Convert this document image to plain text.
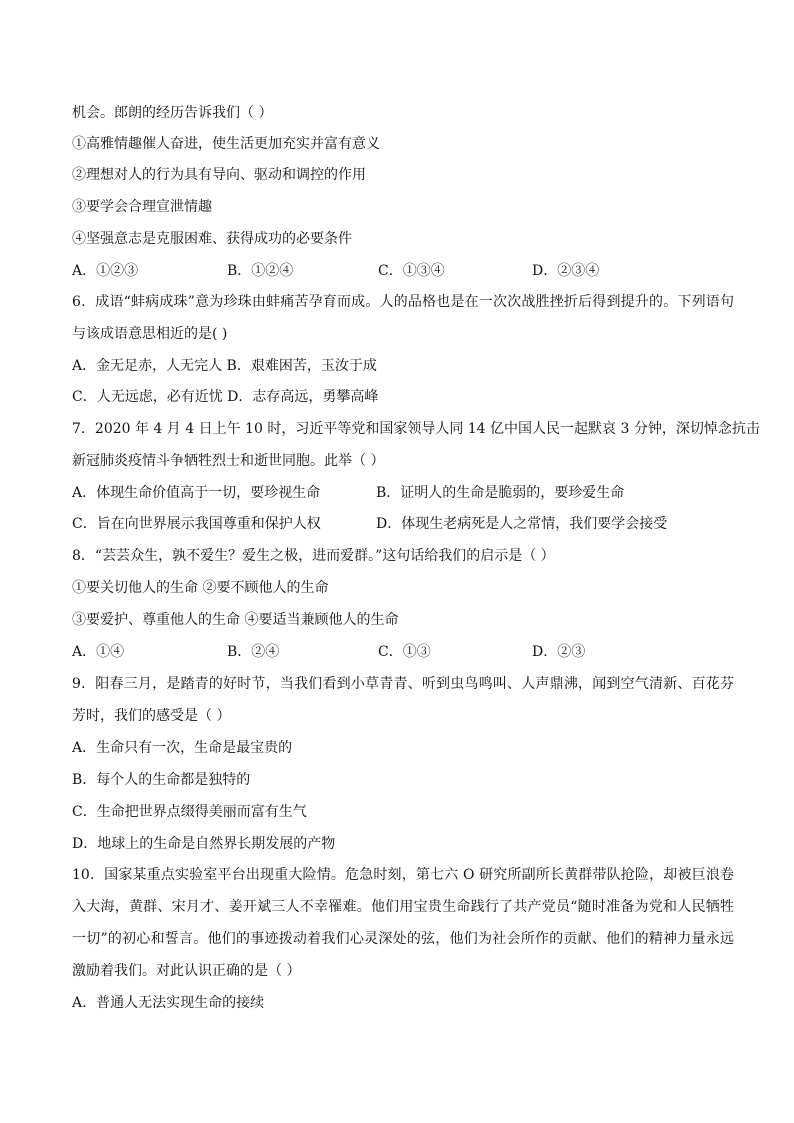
机会。郎朗的经历告诉我们（ ）
①高雅情趣催人奋进，使生活更加充实并富有意义
②理想对人的行为具有导向、驱动和调控的作用
③要学会合理宣泄情趣
④坚强意志是克服困难、获得成功的必要条件
A．①②③	B．①②④	C．①③④	D．②③④
6．成语“蚌病成珠”意为珍珠由蚌痛苦孕育而成。人的品格也是在一次次战胜挫折后得到提升的。下列语句
与该成语意思相近的是( )
A．金无足赤，人无完人 B．艰难困苦，玉汝于成
C．人无远虑，必有近忧 D．志存高远，勇攀高峰
7．2020 年 4 月 4 日上午 10 时，习近平等党和国家领导人同 14 亿中国人民一起默哀 3 分钟，深切悼念抗击
新冠肺炎疫情斗争牺牲烈士和逝世同胞。此举（ ）
A．体现生命价值高于一切，要珍视生命	B．证明人的生命是脆弱的，要珍爱生命
C．旨在向世界展示我国尊重和保护人权	D．体现生老病死是人之常情，我们要学会接受
8．“芸芸众生，孰不爱生？爱生之极，进而爱群。”这句话给我们的启示是（ ）
①要关切他人的生命 ②要不顾他人的生命
③要爱护、尊重他人的生命 ④要适当兼顾他人的生命
A．①④	B．②④	C．①③	D．②③
9．阳春三月，是踏青的好时节，当我们看到小草青青、听到虫鸟鸣叫、人声鼎沸，闻到空气清新、百花芬
芳时，我们的感受是（ ）
A．生命只有一次，生命是最宝贵的
B．每个人的生命都是独特的
C．生命把世界点缀得美丽而富有生气
D．地球上的生命是自然界长期发展的产物
10．国家某重点实验室平台出现重大险情。危急时刻，第七六 O 研究所副所长黄群带队抢险，却被巨浪卷
入大海，黄群、宋月才、姜开斌三人不幸罹难。他们用宝贵生命践行了共产党员“随时准备为党和人民牺牲
一切”的初心和誓言。他们的事迹拨动着我们心灵深处的弦，他们为社会所作的贡献、他们的精神力量永远
激励着我们。对此认识正确的是（ ）
A．普通人无法实现生命的接续
